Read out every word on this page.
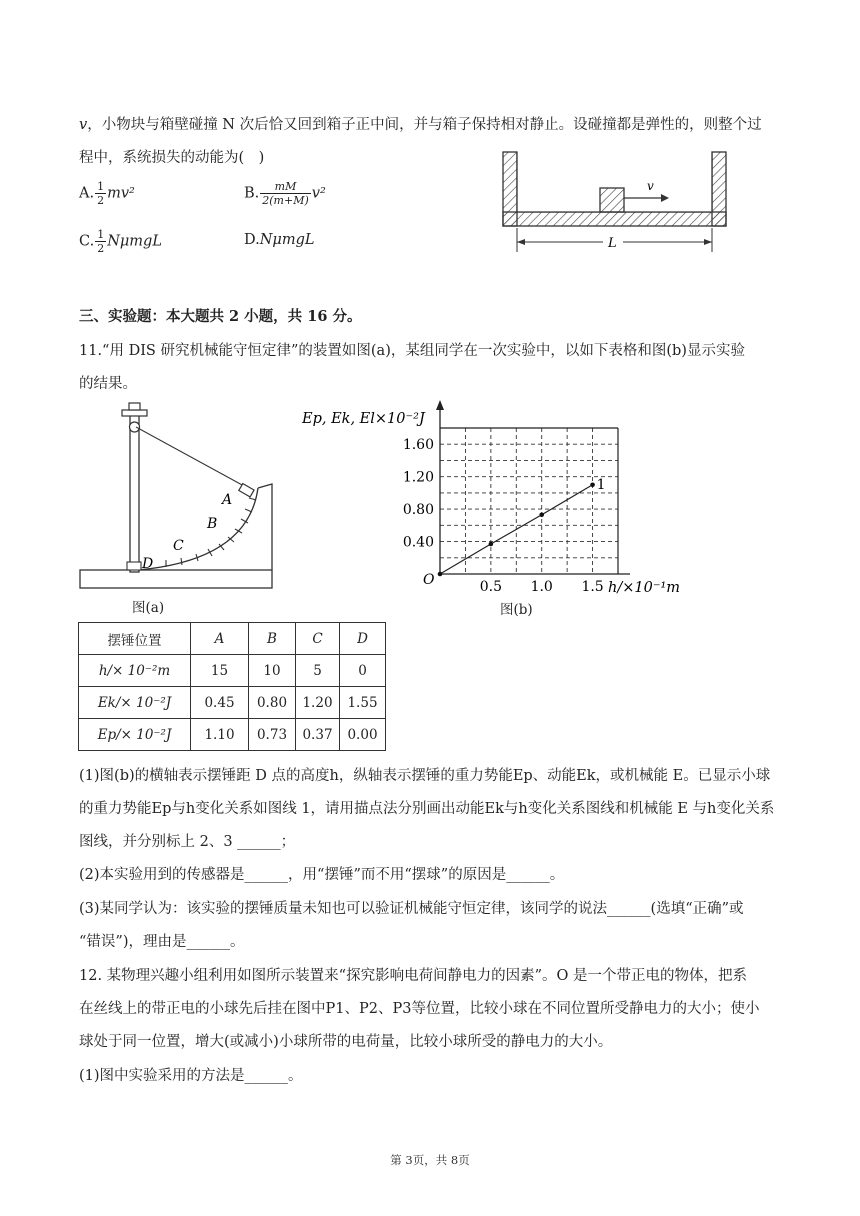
v，小物块与箱壁碰撞 N 次后恰又回到箱子正中间，并与箱子保持相对静止。设碰撞都是弹性的，则整个过
程中，系统损失的动能为(　)
A. $\frac{1}{2} mv^2$	B. $\frac{mM}{2(m+M)} v^2$
C. $\frac{1}{2}$ NμmgL	D.NμmgL
v
L
三、实验题：本大题共 2 小题，共 16 分。
11.“用 DIS 研究机械能守恒定律”的装置如图(a)，某组同学在一次实验中，以如下表格和图(b)显示实验
的结果。
A
B
C
D
图(a)
0.5 1.0 1.5
0.40
0.80
1.20
1.60
1
Ep, Ek, El×10⁻²J
h/×10⁻¹m
O
图(b)
摆锤位置	A	B	C	D
h/× 10⁻²m	15	10	5	0
Ek/× 10⁻²J	0.45	0.80	1.20	1.55
Ep/× 10⁻²J	1.10	0.73	0.37	0.00
(1)图(b)的横轴表示摆锤距 D 点的高度h，纵轴表示摆锤的重力势能Ep、动能Ek，或机械能 E。已显示小球
的重力势能Ep与h变化关系如图线 1，请用描点法分别画出动能Ek与h变化关系图线和机械能 E 与h变化关系
图线，并分别标上 2、3 ______；
(2)本实验用到的传感器是______，用“摆锤”而不用“摆球”的原因是______。
(3)某同学认为：该实验的摆锤质量未知也可以验证机械能守恒定律，该同学的说法______(选填“正确”或
“错误”)，理由是______。
12. 某物理兴趣小组利用如图所示装置来“探究影响电荷间静电力的因素”。O 是一个带正电的物体，把系
在丝线上的带正电的小球先后挂在图中P1、P2、P3等位置，比较小球在不同位置所受静电力的大小；使小
球处于同一位置，增大(或减小)小球所带的电荷量，比较小球所受的静电力的大小。
(1)图中实验采用的方法是______。
第 3页，共 8页
